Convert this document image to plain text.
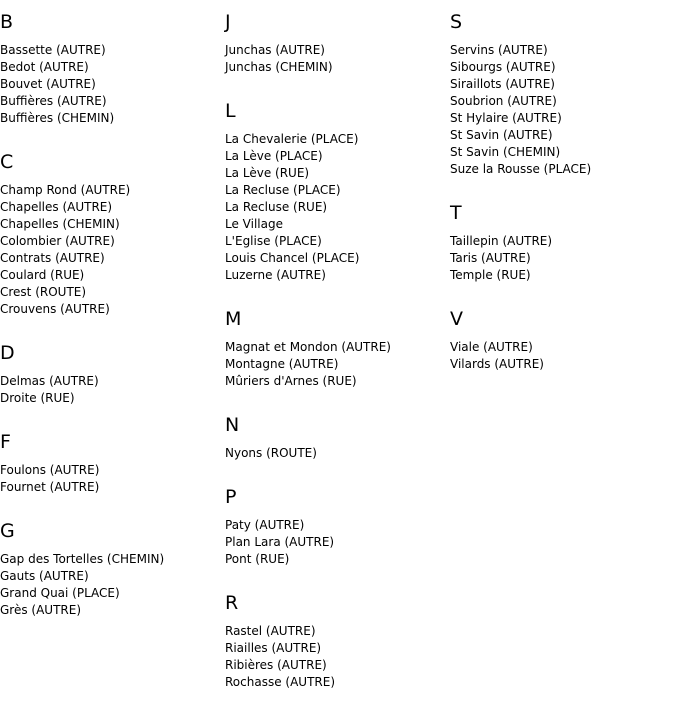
B
Bassette (AUTRE)
Bedot (AUTRE)
Bouvet (AUTRE)
Buffières (AUTRE)
Buffières (CHEMIN)
C
Champ Rond (AUTRE)
Chapelles (AUTRE)
Chapelles (CHEMIN)
Colombier (AUTRE)
Contrats (AUTRE)
Coulard (RUE)
Crest (ROUTE)
Crouvens (AUTRE)
D
Delmas (AUTRE)
Droite (RUE)
F
Foulons (AUTRE)
Fournet (AUTRE)
G
Gap des Tortelles (CHEMIN)
Gauts (AUTRE)
Grand Quai (PLACE)
Grès (AUTRE)
J
Junchas (AUTRE)
Junchas (CHEMIN)
L
La Chevalerie (PLACE)
La Lève (PLACE)
La Lève (RUE)
La Recluse (PLACE)
La Recluse (RUE)
Le Village
L'Eglise (PLACE)
Louis Chancel (PLACE)
Luzerne (AUTRE)
M
Magnat et Mondon (AUTRE)
Montagne (AUTRE)
Mûriers d'Arnes (RUE)
N
Nyons (ROUTE)
P
Paty (AUTRE)
Plan Lara (AUTRE)
Pont (RUE)
R
Rastel (AUTRE)
Riailles (AUTRE)
Ribières (AUTRE)
Rochasse (AUTRE)
S
Servins (AUTRE)
Sibourgs (AUTRE)
Siraillots (AUTRE)
Soubrion (AUTRE)
St Hylaire (AUTRE)
St Savin (AUTRE)
St Savin (CHEMIN)
Suze la Rousse (PLACE)
T
Taillepin (AUTRE)
Taris (AUTRE)
Temple (RUE)
V
Viale (AUTRE)
Vilards (AUTRE)
